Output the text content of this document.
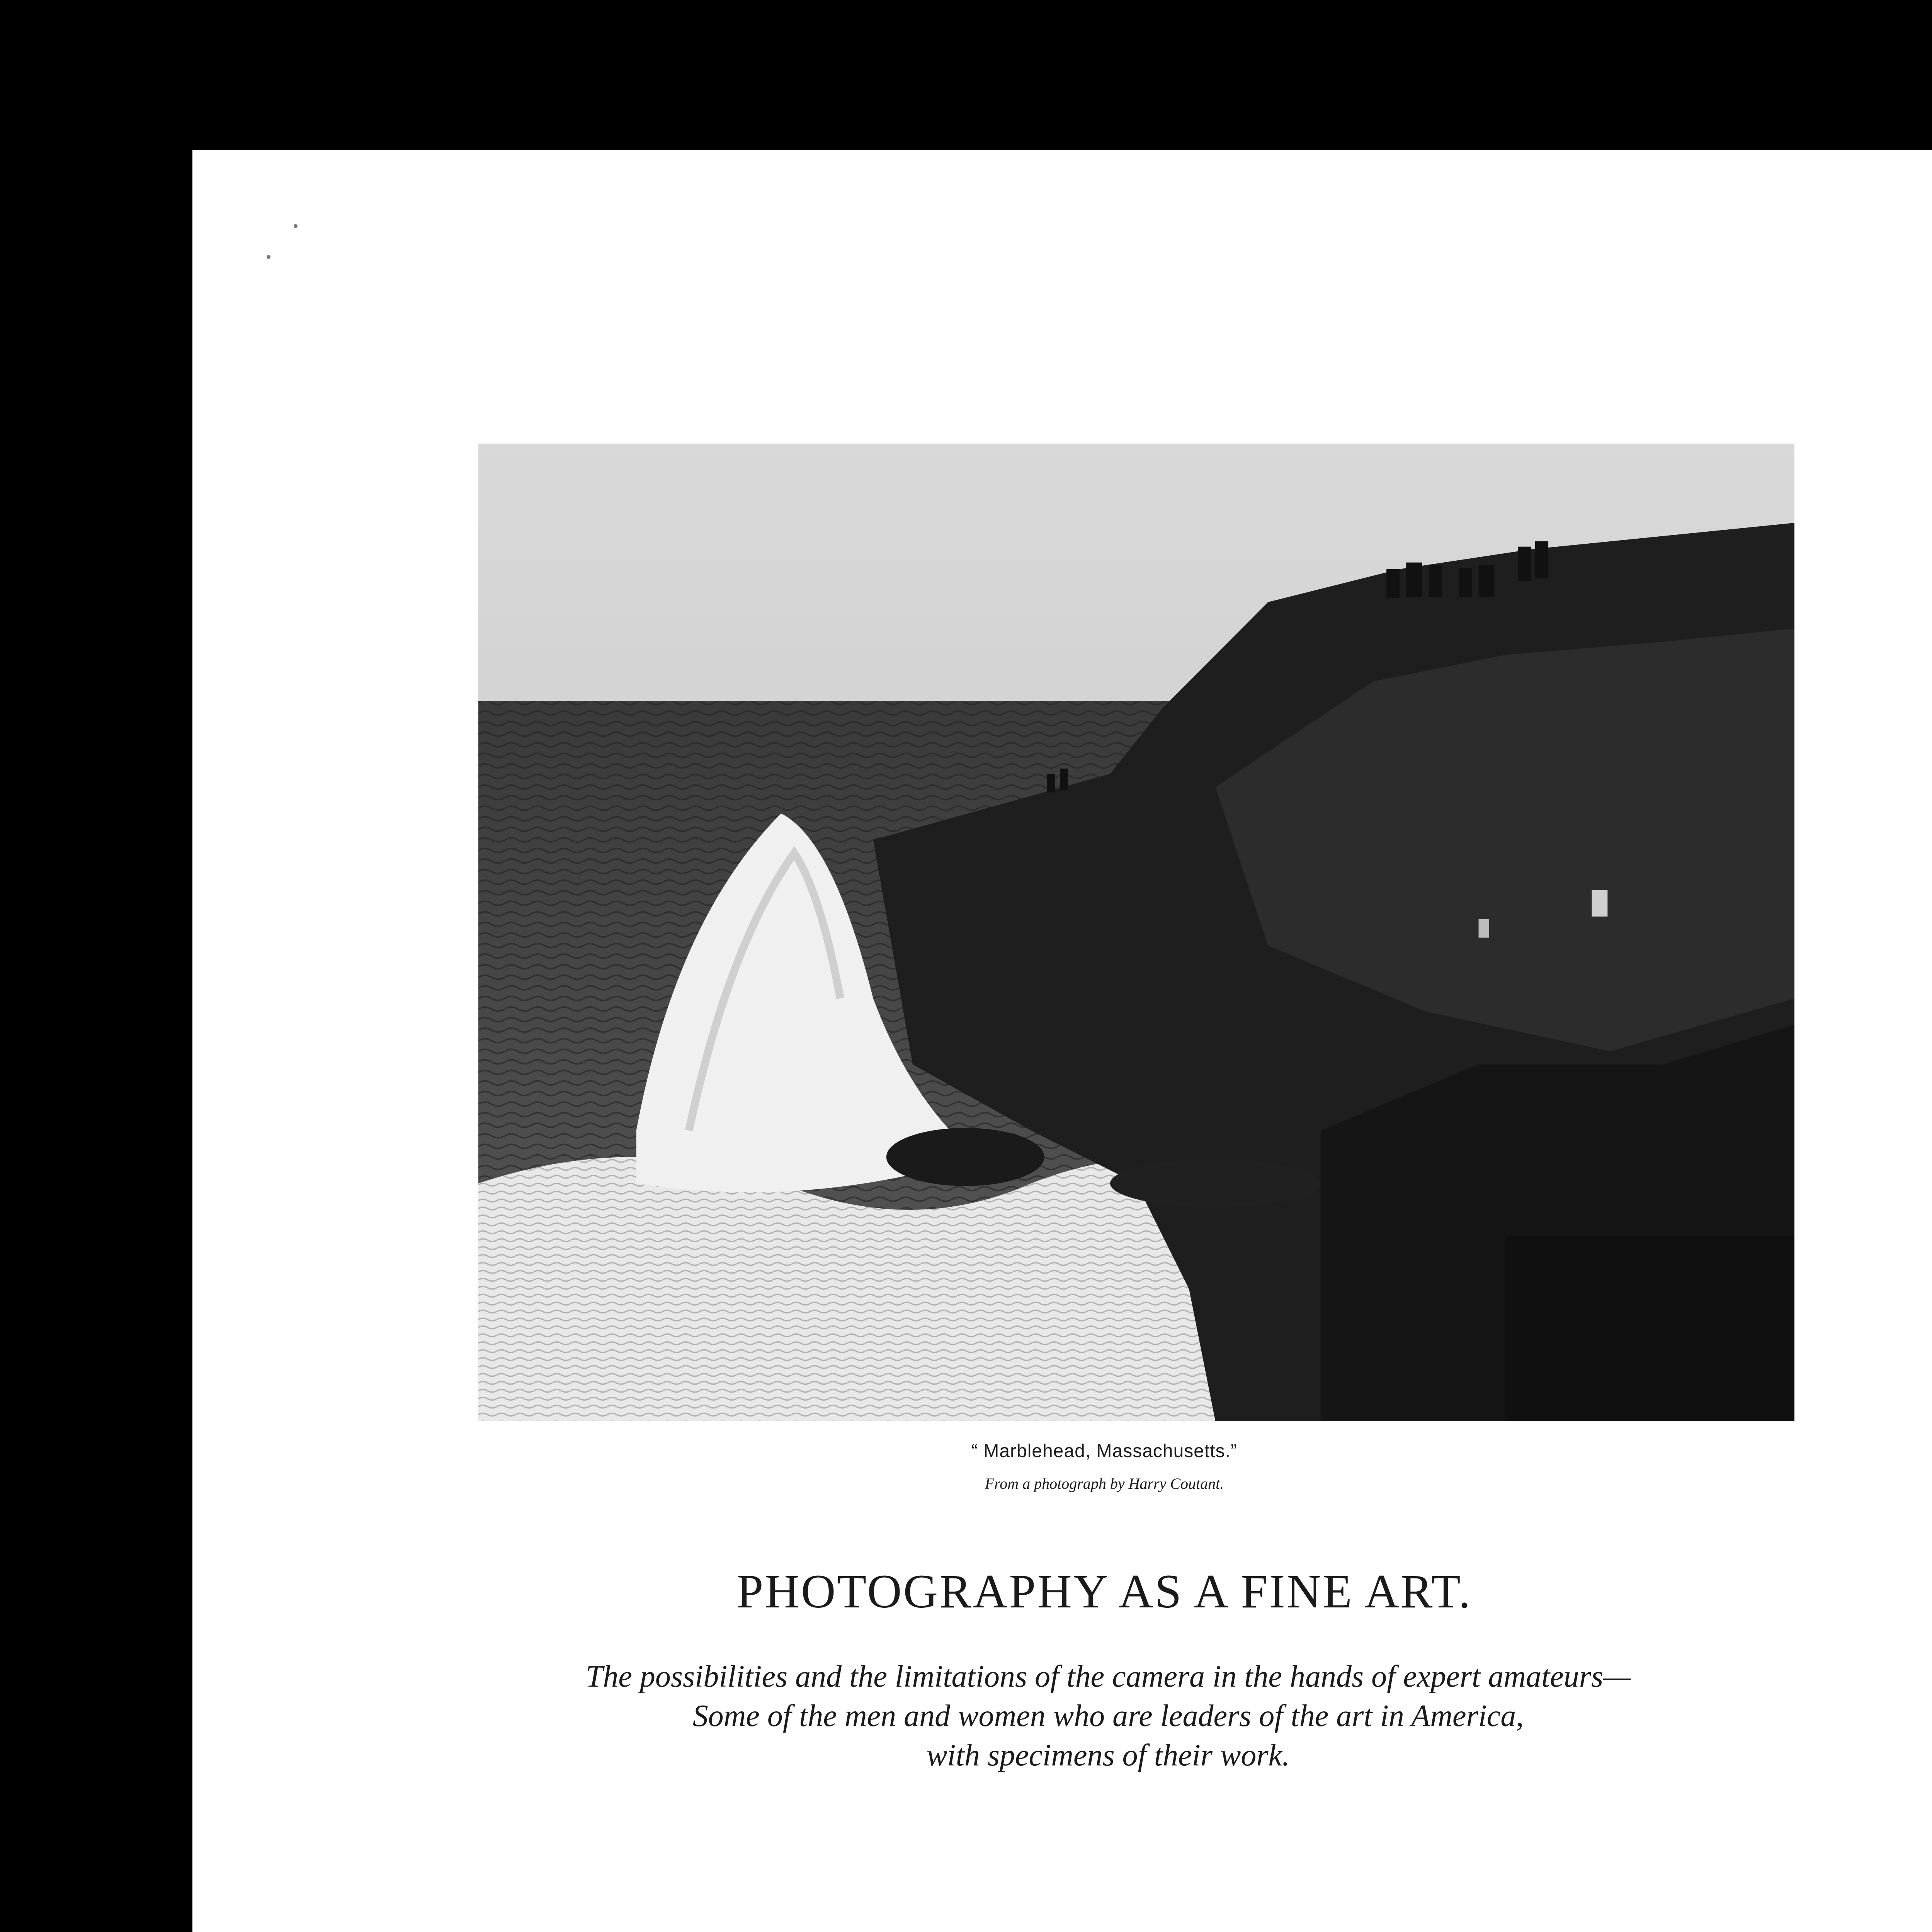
“ Marblehead, Massachusetts.”
From a photograph by Harry Coutant.
PHOTOGRAPHY AS A FINE ART.
The possibilities and the limitations of the camera in the hands of expert amateurs—
Some of the men and women who are leaders of the art in America,
with specimens of their work.
